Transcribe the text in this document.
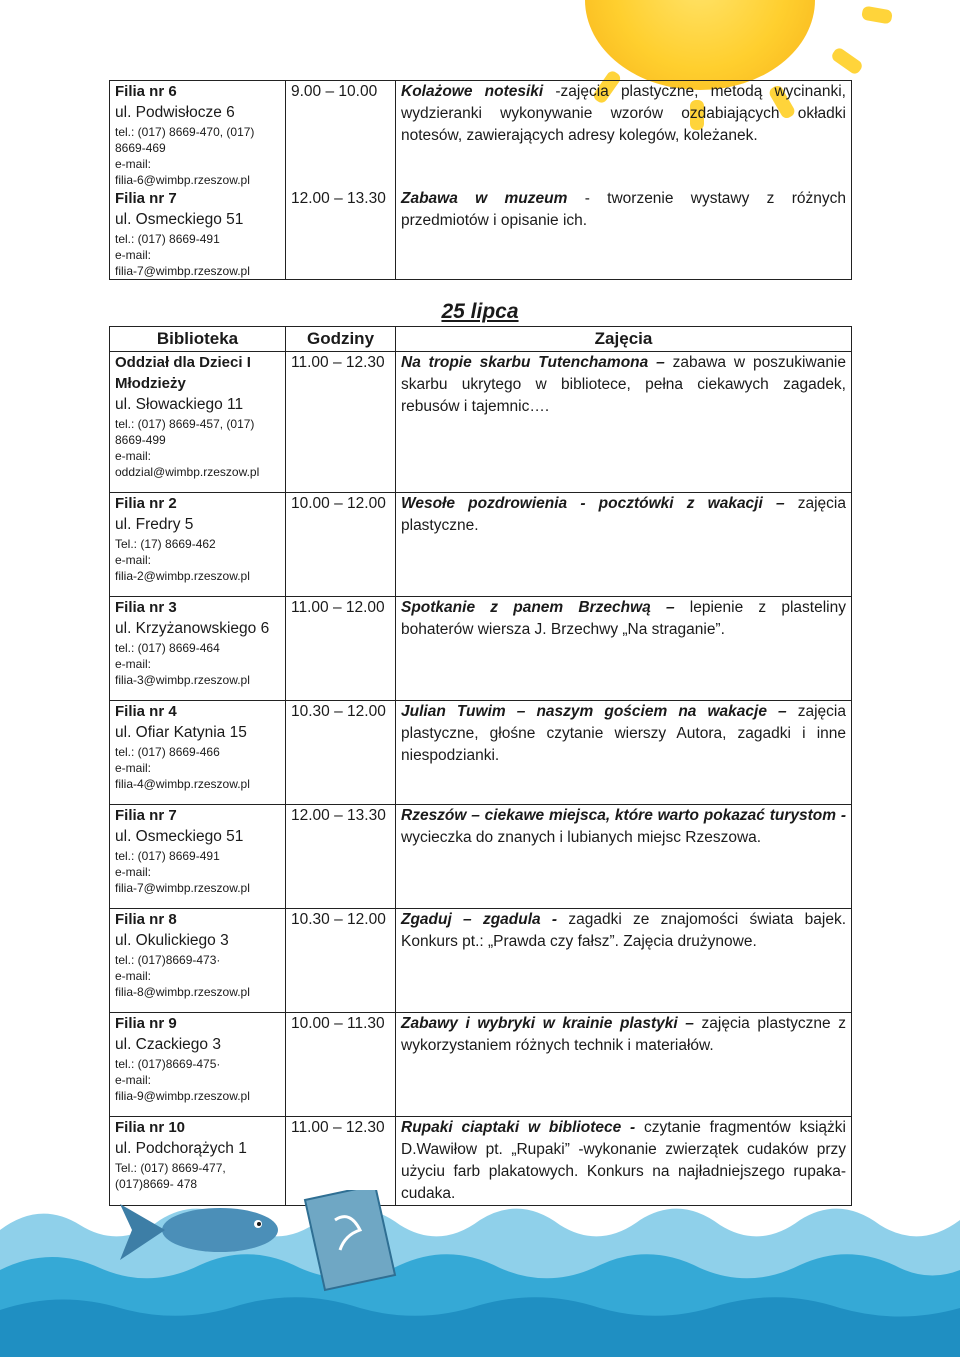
Filia nr 6
ul. Podwisłocze 6
tel.: (017) 8669-470, (017) 8669-469
e-mail:
filia-6@wimbp.rzeszow.pl	9.00 – 10.00	Kolażowe notesiki -zajęcia plastyczne, metodą wycinanki, wydzieranki wykonywanie wzorów ozdabiających okładki notesów, zawierających adresy kolegów, koleżanek.

Filia nr 7
ul. Osmeckiego 51
tel.: (017) 8669-491
e-mail:
filia-7@wimbp.rzeszow.pl	12.00 – 13.30	Zabawa w muzeum - tworzenie wystawy z różnych przedmiotów i opisanie ich.
25 lipca
Biblioteka	Godziny	Zajęcia

Oddział dla Dzieci I Młodzieży
ul. Słowackiego 11
tel.: (017) 8669-457, (017) 8669-499
e-mail:
oddzial@wimbp.rzeszow.pl	11.00 – 12.30	Na tropie skarbu Tutenchamona – zabawa w poszukiwanie skarbu ukrytego w bibliotece, pełna ciekawych zagadek, rebusów i tajemnic….

Filia nr 2
ul. Fredry 5
Tel.: (17) 8669-462
e-mail:
filia-2@wimbp.rzeszow.pl	10.00 – 12.00	Wesołe pozdrowienia - pocztówki z wakacji – zajęcia plastyczne.

Filia nr 3
ul. Krzyżanowskiego 6
tel.: (017) 8669-464
e-mail:
filia-3@wimbp.rzeszow.pl	11.00 – 12.00	Spotkanie z panem Brzechwą – lepienie z plasteliny bohaterów wiersza J. Brzechwy „Na straganie”.

Filia nr 4
ul. Ofiar Katynia 15
tel.: (017) 8669-466
e-mail:
filia-4@wimbp.rzeszow.pl	10.30 – 12.00	Julian Tuwim – naszym gościem na wakacje – zajęcia plastyczne, głośne czytanie wierszy Autora, zagadki i inne niespodzianki.

Filia nr 7
ul. Osmeckiego 51
tel.: (017) 8669-491
e-mail:
filia-7@wimbp.rzeszow.pl	12.00 – 13.30	Rzeszów – ciekawe miejsca, które warto pokazać turystom - wycieczka do znanych i lubianych miejsc Rzeszowa.

Filia nr 8
ul. Okulickiego 3
tel.: (017)8669-473·
e-mail:
filia-8@wimbp.rzeszow.pl	10.30 – 12.00	Zgaduj – zgadula - zagadki ze znajomości świata bajek. Konkurs pt.: „Prawda czy fałsz”. Zajęcia drużynowe.

Filia nr 9
ul. Czackiego 3
tel.: (017)8669-475·
e-mail:
filia-9@wimbp.rzeszow.pl	10.00 – 11.30	Zabawy i wybryki w krainie plastyki – zajęcia plastyczne z wykorzystaniem różnych technik i materiałów.

Filia nr 10
ul. Podchorążych 1
Tel.: (017) 8669-477, (017)8669- 478	11.00 – 12.30	Rupaki ciaptaki w bibliotece - czytanie fragmentów książki D.Wawiłow pt. „Rupaki” -wykonanie zwierzątek cudaków przy użyciu farb plakatowych. Konkurs na najładniejszego rupaka-cudaka.
